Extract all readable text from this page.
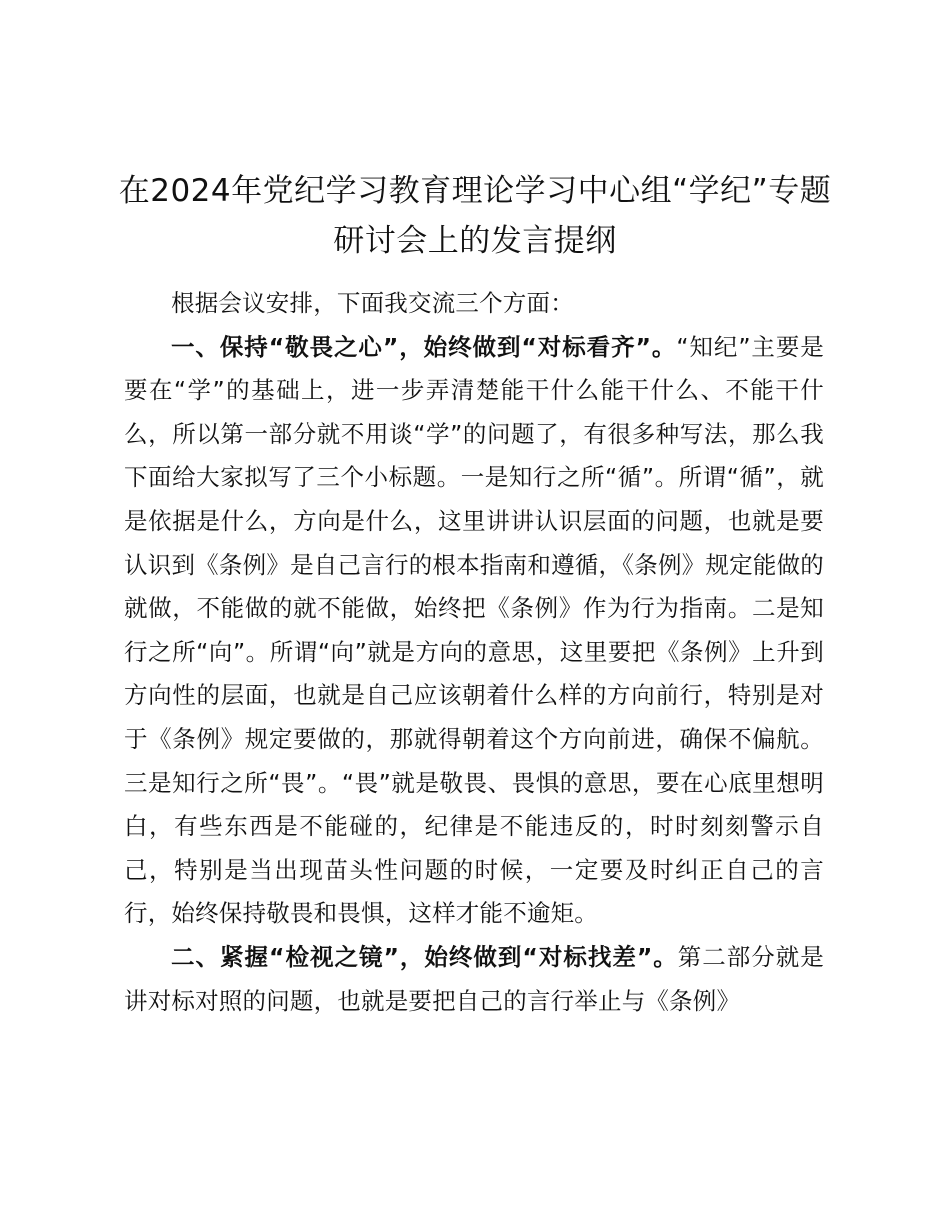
在2024年党纪学习教育理论学习中心组“学纪”专题研讨会上的发言提纲

根据会议安排，下面我交流三个方面：

一、保持“敬畏之心”，始终做到“对标看齐”。“知纪”主要是要在“学”的基础上，进一步弄清楚能干什么能干什么、不能干什么，所以第一部分就不用谈“学”的问题了，有很多种写法，那么我下面给大家拟写了三个小标题。一是知行之所“循”。所谓“循”，就是依据是什么，方向是什么，这里讲讲认识层面的问题，也就是要认识到《条例》是自己言行的根本指南和遵循，《条例》规定能做的就做，不能做的就不能做，始终把《条例》作为行为指南。二是知行之所“向”。所谓“向”就是方向的意思，这里要把《条例》上升到方向性的层面，也就是自己应该朝着什么样的方向前行，特别是对于《条例》规定要做的，那就得朝着这个方向前进，确保不偏航。三是知行之所“畏”。“畏”就是敬畏、畏惧的意思，要在心底里想明白，有些东西是不能碰的，纪律是不能违反的，时时刻刻警示自己，特别是当出现苗头性问题的时候，一定要及时纠正自己的言行，始终保持敬畏和畏惧，这样才能不逾矩。

二、紧握“检视之镜”，始终做到“对标找差”。第二部分就是讲对标对照的问题，也就是要把自己的言行举止与《条例》
